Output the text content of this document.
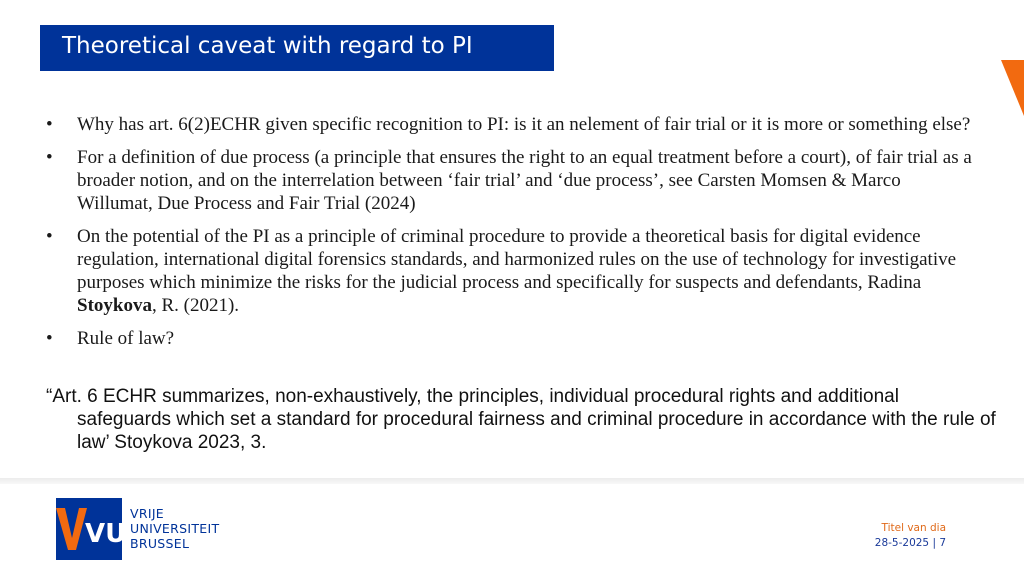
Theoretical caveat with regard to PI
• Why has art. 6(2)ECHR given specific recognition to PI: is it an nelement of fair trial or it is more or something else?
• For a definition of due process (a principle that ensures the right to an equal treatment before a court), of fair trial as a broader notion, and on the interrelation between ‘fair trial’ and ‘due process’, see Carsten Momsen & Marco Willumat, Due Process and Fair Trial (2024)
• On the potential of the PI as a principle of criminal procedure to provide a theoretical basis for digital evidence regulation, international digital forensics standards, and harmonized rules on the use of technology for investigative purposes which minimize the risks for the judicial process and specifically for suspects and defendants, Radina Stoykova, R. (2021).
• Rule of law?
“Art. 6 ECHR summarizes, non-exhaustively, the principles, individual procedural rights and additional safeguards which set a standard for procedural fairness and criminal procedure in accordance with the rule of law’ Stoykova 2023, 3.
VUB
VRIJE
UNIVERSITEIT
BRUSSEL
Titel van dia
28-5-2025 | 7
